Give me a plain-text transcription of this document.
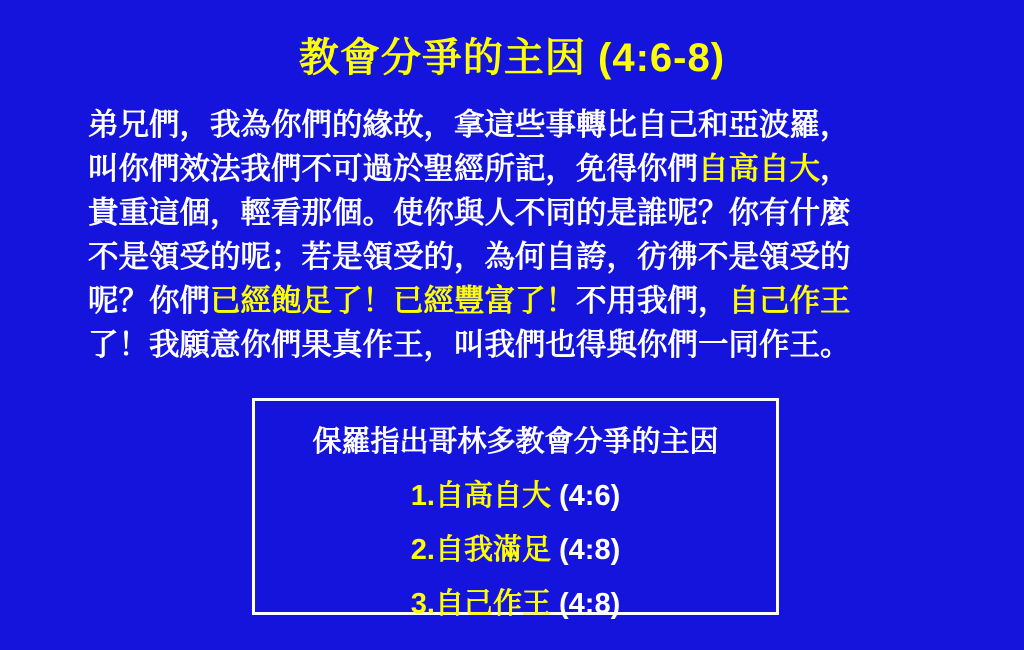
教會分爭的主因 (4:6-8)
弟兄們，我為你們的緣故，拿這些事轉比自己和亞波羅，
叫你們效法我們不可過於聖經所記，免得你們自高自大，
貴重這個，輕看那個。使你與人不同的是誰呢？你有什麼
不是領受的呢；若是領受的，為何自誇，彷彿不是領受的
呢？你們已經飽足了！已經豐富了！不用我們，自己作王
了！我願意你們果真作王，叫我們也得與你們一同作王。
保羅指出哥林多教會分爭的主因
1.自高自大 (4:6)
2.自我滿足 (4:8)
3.自己作王 (4:8)
